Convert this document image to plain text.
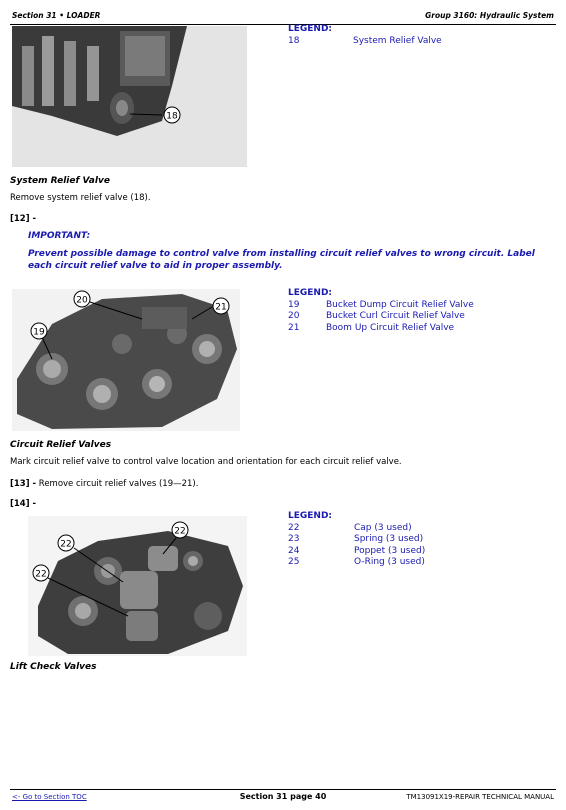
Section 31 • LOADER	Group 3160: Hydraulic System
18
LEGEND:
18	System Relief Valve
System Relief Valve
Remove system relief valve (18).
[12] -
IMPORTANT:
Prevent possible damage to control valve from installing circuit relief valves to wrong circuit. Label each circuit relief valve to aid in proper assembly.
20
21
19
LEGEND:
19	Bucket Dump Circuit Relief Valve
20	Bucket Curl Circuit Relief Valve
21	Boom Up Circuit Relief Valve
Circuit Relief Valves
Mark circuit relief valve to control valve location and orientation for each circuit relief valve.
[13] - Remove circuit relief valves (19—21).
[14] -
22
22
22
LEGEND:
22	Cap (3 used)
23	Spring (3 used)
24	Poppet (3 used)
25	O-Ring (3 used)
Lift Check Valves
<- Go to Section TOC	Section 31 page 40	TM13091X19-REPAIR TECHNICAL MANUAL
